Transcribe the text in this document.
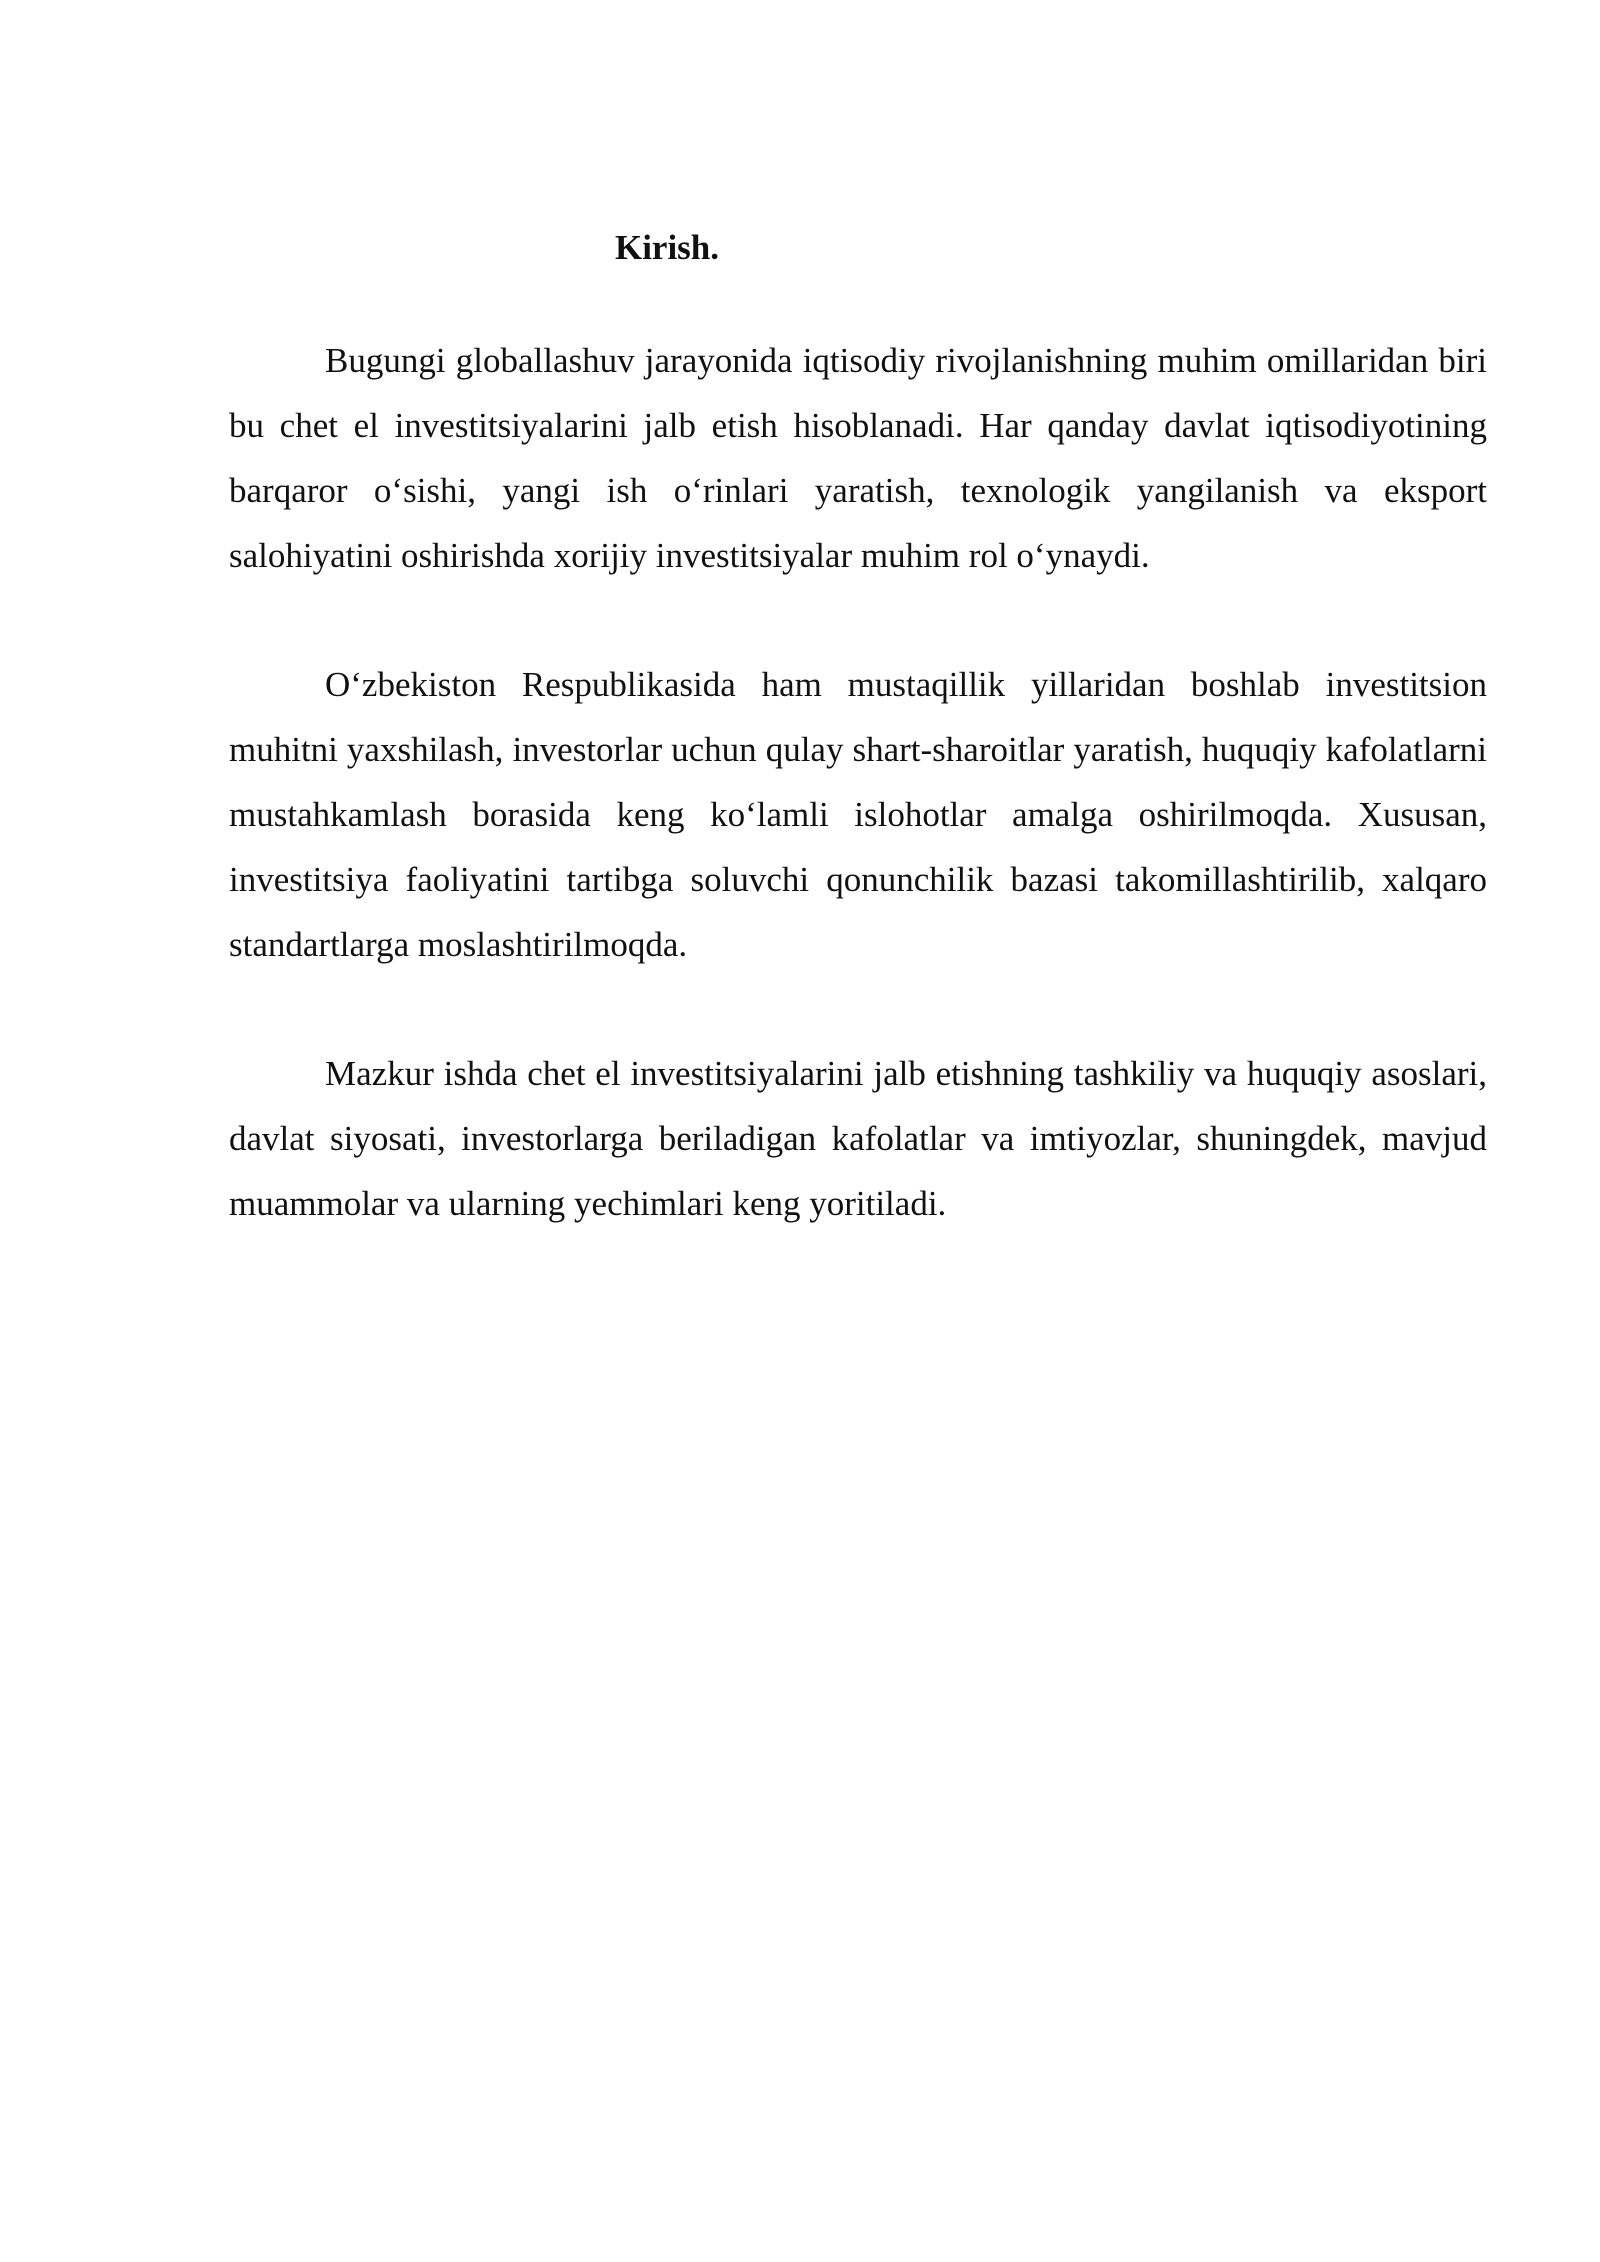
Kirish.

Bugungi globallashuv jarayonida iqtisodiy rivojlanishning muhim omillaridan biri bu chet el investitsiyalarini jalb etish hisoblanadi. Har qanday davlat iqtisodiyotining barqaror o‘sishi, yangi ish o‘rinlari yaratish, texnologik yangilanish va eksport salohiyatini oshirishda xorijiy investitsiyalar muhim rol o‘ynaydi.

O‘zbekiston Respublikasida ham mustaqillik yillaridan boshlab investitsion muhitni yaxshilash, investorlar uchun qulay shart-sharoitlar yaratish, huquqiy kafolatlarni mustahkamlash borasida keng ko‘lamli islohotlar amalga oshirilmoqda. Xususan, investitsiya faoliyatini tartibga soluvchi qonunchilik bazasi takomillashtirilib, xalqaro standartlarga moslashtirilmoqda.

Mazkur ishda chet el investitsiyalarini jalb etishning tashkiliy va huquqiy asoslari, davlat siyosati, investorlarga beriladigan kafolatlar va imtiyozlar, shuningdek, mavjud muammolar va ularning yechimlari keng yoritiladi.
